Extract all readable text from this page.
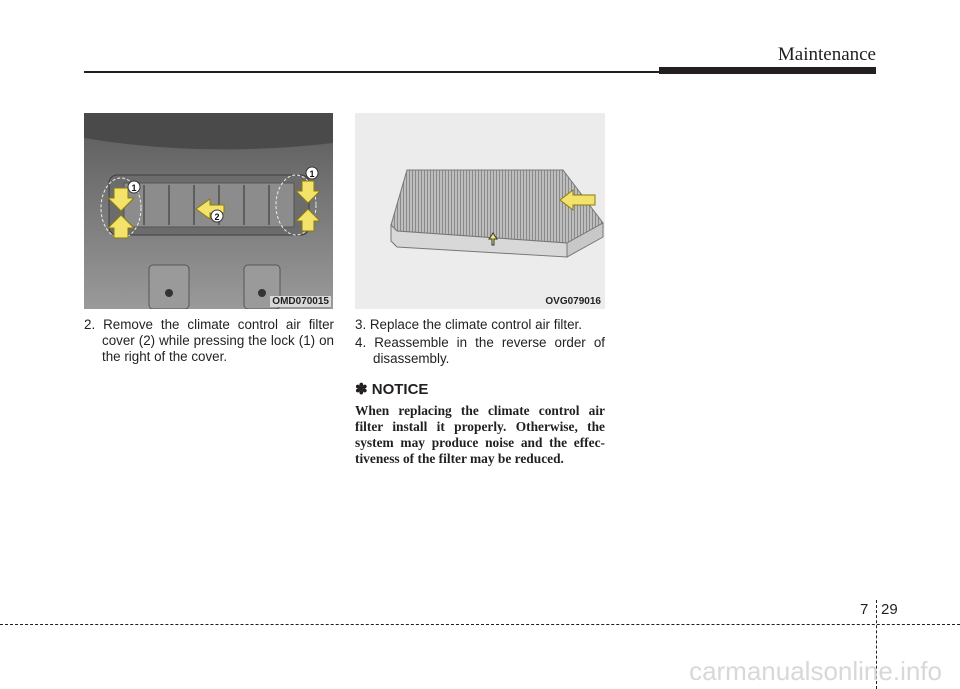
Maintenance
1
1
2
OMD070015	OVG079016

2. Remove the climate control air filter cover (2) while pressing the lock (1) on the right of the cover.

3. Replace the climate control air filter.

4. Reassemble in the reverse order of disassembly.

✽ NOTICE
When replacing the climate control air filter install it properly. Otherwise, the system may produce noise and the effec-tiveness of the filter may be reduced.
7 29
carmanualsonline.info
